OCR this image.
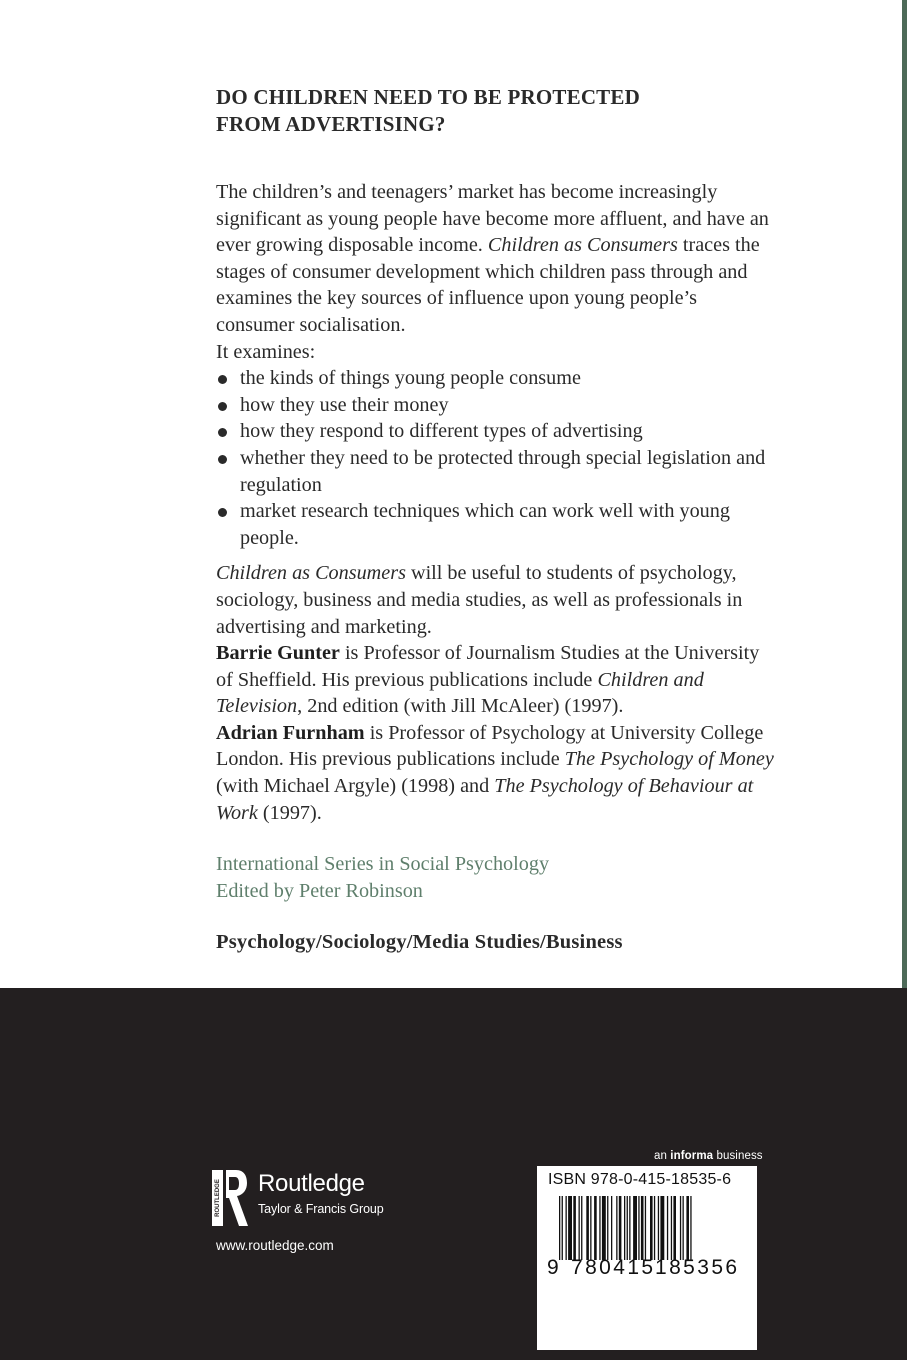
DO CHILDREN NEED TO BE PROTECTED
FROM ADVERTISING?

The children’s and teenagers’ market has become increasingly significant as young people have become more affluent, and have an ever growing disposable income. Children as Consumers traces the stages of consumer development which children pass through and examines the key sources of influence upon young people’s consumer socialisation.

It examines:

the kinds of things young people consume
how they use their money
how they respond to different types of advertising
whether they need to be protected through special legislation and regulation
market research techniques which can work well with young people.

Children as Consumers will be useful to students of psychology, sociology, business and media studies, as well as professionals in advertising and marketing.

Barrie Gunter is Professor of Journalism Studies at the University of Sheffield. His previous publications include Children and Television, 2nd edition (with Jill McAleer) (1997).

Adrian Furnham is Professor of Psychology at University College London. His previous publications include The Psychology of Money (with Michael Argyle) (1998) and The Psychology of Behaviour at Work (1997).

International Series in Social Psychology
Edited by Peter Robinson
Psychology/Sociology/Media Studies/Business
an informa business
ROUTLEDGE Routledge
Taylor & Francis Group
www.routledge.com
ISBN 978-0-415-18535-6
9 780415 185356
